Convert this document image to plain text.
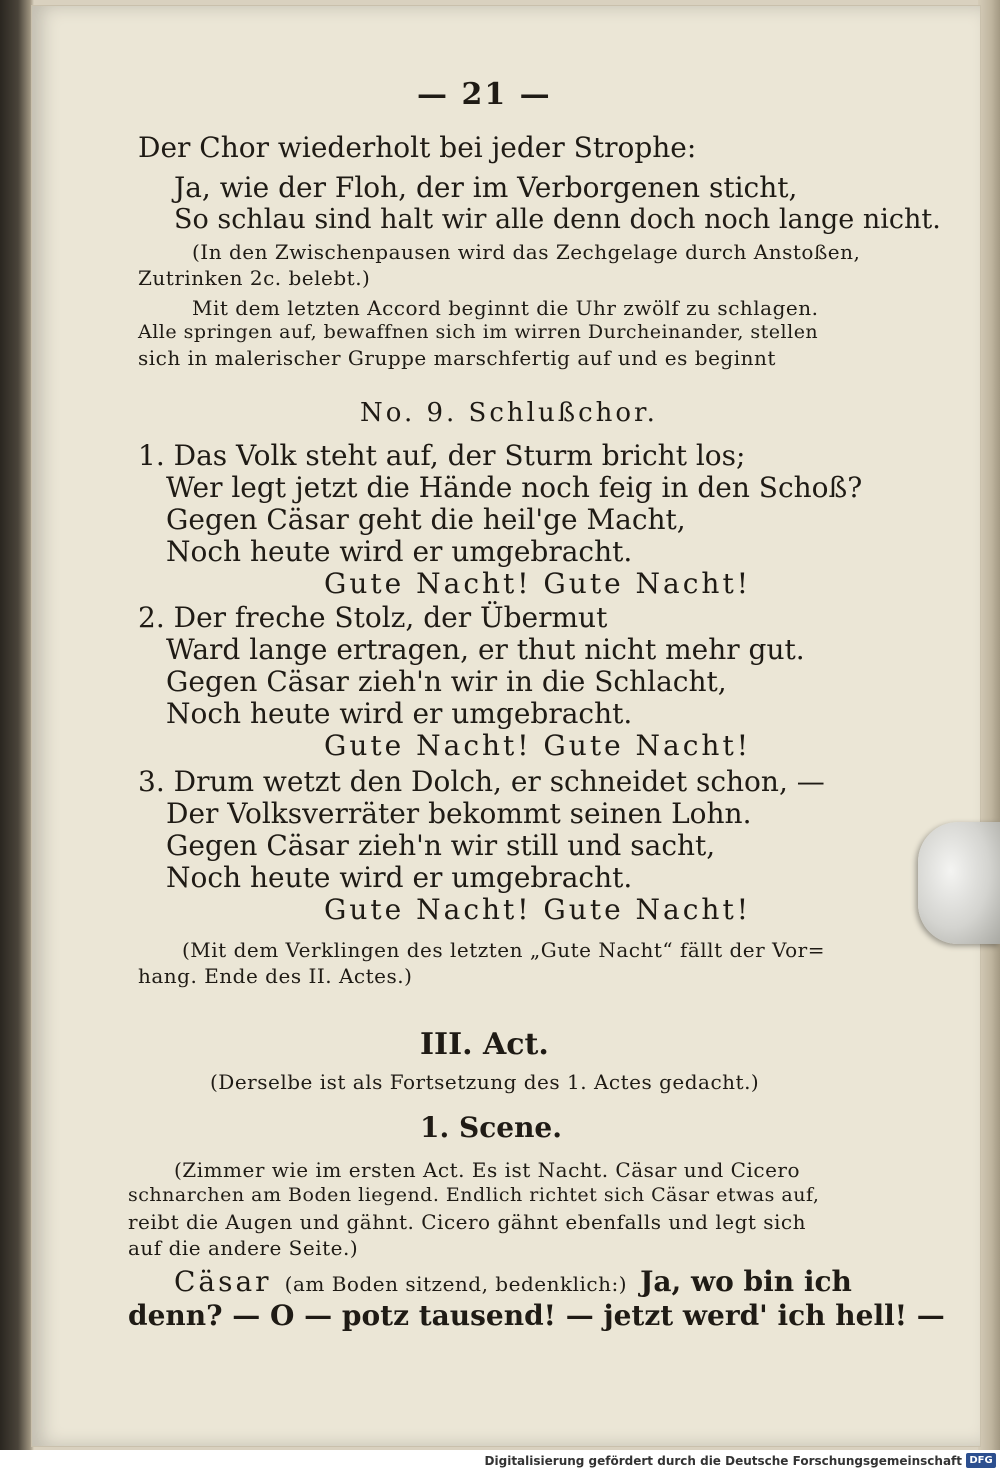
— 21 —
Der Chor wiederholt bei jeder Strophe:
Ja, wie der Floh, der im Verborgenen sticht,
So schlau sind halt wir alle denn doch noch lange nicht.
(In den Zwischenpausen wird das Zechgelage durch Anstoßen,
Zutrinken 2c. belebt.)
Mit dem letzten Accord beginnt die Uhr zwölf zu schlagen.
Alle springen auf, bewaffnen sich im wirren Durcheinander, stellen
sich in malerischer Gruppe marschfertig auf und es beginnt
No. 9. Schlußchor.
1. Das Volk steht auf, der Sturm bricht los;
Wer legt jetzt die Hände noch feig in den Schoß?
Gegen Cäsar geht die heil'ge Macht,
Noch heute wird er umgebracht.
Gute Nacht! Gute Nacht!
2. Der freche Stolz, der Übermut
Ward lange ertragen, er thut nicht mehr gut.
Gegen Cäsar zieh'n wir in die Schlacht,
Noch heute wird er umgebracht.
Gute Nacht! Gute Nacht!
3. Drum wetzt den Dolch, er schneidet schon, —
Der Volksverräter bekommt seinen Lohn.
Gegen Cäsar zieh'n wir still und sacht,
Noch heute wird er umgebracht.
Gute Nacht! Gute Nacht!
(Mit dem Verklingen des letzten „Gute Nacht“ fällt der Vor=
hang. Ende des II. Actes.)
III. Act.
(Derselbe ist als Fortsetzung des 1. Actes gedacht.)
1. Scene.
(Zimmer wie im ersten Act. Es ist Nacht. Cäsar und Cicero
schnarchen am Boden liegend. Endlich richtet sich Cäsar etwas auf,
reibt die Augen und gähnt. Cicero gähnt ebenfalls und legt sich
auf die andere Seite.)
Cäsar (am Boden sitzend, bedenklich:) Ja, wo bin ich
denn? — O — potz tausend! — jetzt werd' ich hell! —
Digitalisierung gefördert durch die Deutsche Forschungsgemeinschaft DFG
